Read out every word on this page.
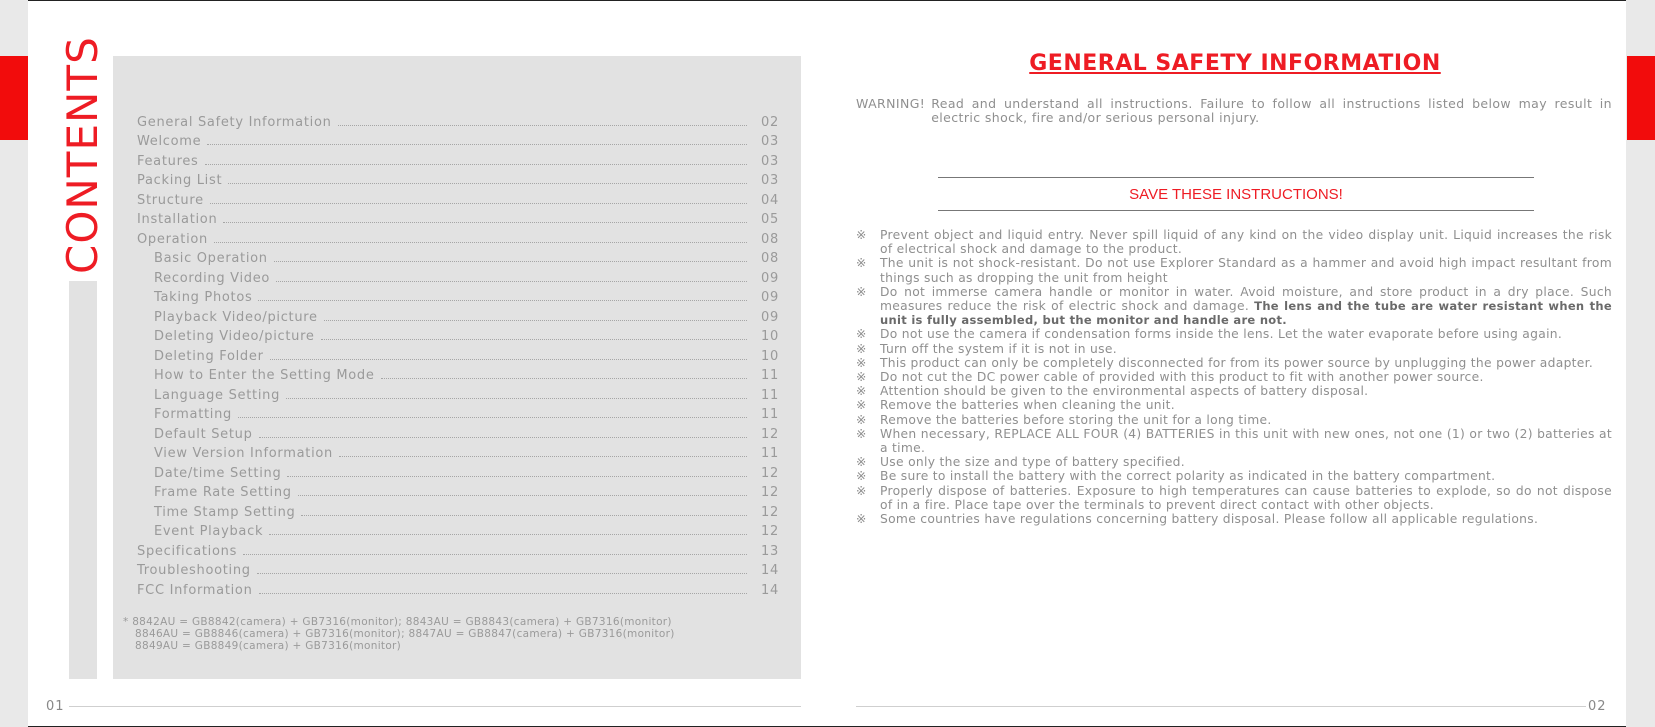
CONTENTS General Safety Information	02
Welcome	03
Features	03
Packing List	03
Structure	04
Installation	05
Operation	08
Basic Operation	08
Recording Video	09
Taking Photos	09
Playback Video/picture	09
Deleting Video/picture	10
Deleting Folder	10
How to Enter the Setting Mode	11
Language Setting	11
Formatting	11
Default Setup	12
View Version Information	11
Date/time Setting	12
Frame Rate Setting	12
Time Stamp Setting	12
Event Playback	12
Specifications	13
Troubleshooting	14
FCC Information	14
* 8842AU = GB8842(camera) + GB7316(monitor); 8843AU = GB8843(camera) + GB7316(monitor)
8846AU = GB8846(camera) + GB7316(monitor); 8847AU = GB8847(camera) + GB7316(monitor)
8849AU = GB8849(camera) + GB7316(monitor)
01
GENERAL SAFETY INFORMATION
WARNING! Read and understand all instructions. Failure to follow all instructions listed below may result in electric shock, fire and/or serious personal injury.
SAVE THESE INSTRUCTIONS!
※	Prevent object and liquid entry. Never spill liquid of any kind on the video display unit. Liquid increases the risk of electrical shock and damage to the product.
※	The unit is not shock-resistant. Do not use Explorer Standard as a hammer and avoid high impact resultant from things such as dropping the unit from height
※	Do not immerse camera handle or monitor in water. Avoid moisture, and store product in a dry place. Such measures reduce the risk of electric shock and damage. The lens and the tube are water resistant when the unit is fully assembled, but the monitor and handle are not.
※	Do not use the camera if condensation forms inside the lens. Let the water evaporate before using again.
※	Turn off the system if it is not in use.
※	This product can only be completely disconnected for from its power source by unplugging the power adapter.
※	Do not cut the DC power cable of provided with this product to fit with another power source.
※	Attention should be given to the environmental aspects of battery disposal.
※	Remove the batteries when cleaning the unit.
※	Remove the batteries before storing the unit for a long time.
※	When necessary, REPLACE ALL FOUR (4) BATTERIES in this unit with new ones, not one (1) or two (2) batteries at a time.
※	Use only the size and type of battery specified.
※	Be sure to install the battery with the correct polarity as indicated in the battery compartment.
※	Properly dispose of batteries. Exposure to high temperatures can cause batteries to explode, so do not dispose of in a fire. Place tape over the terminals to prevent direct contact with other objects.
※	Some countries have regulations concerning battery disposal. Please follow all applicable regulations.
02
